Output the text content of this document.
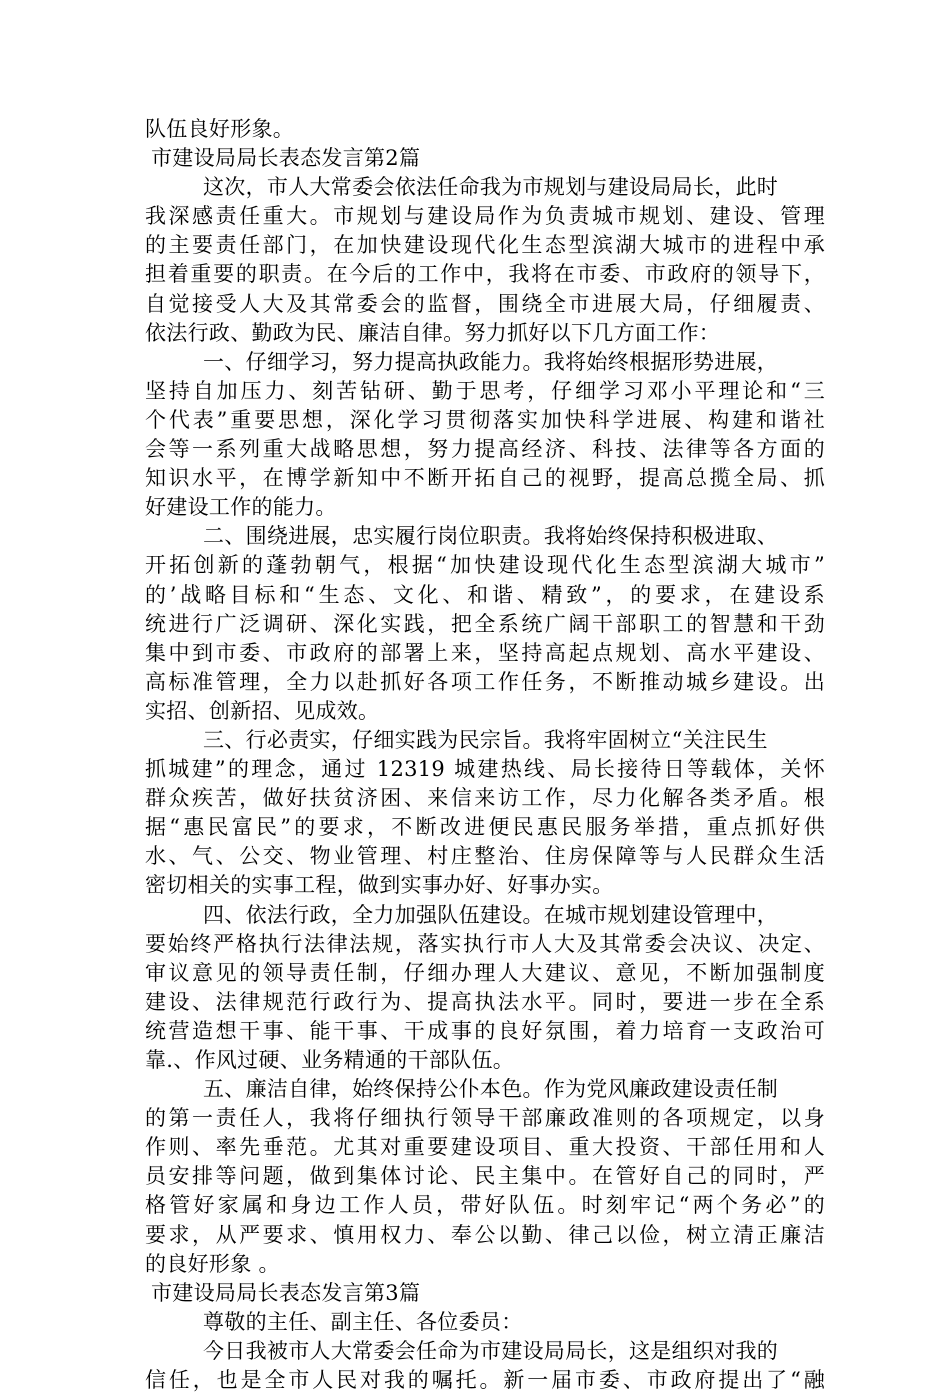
队伍良好形象。

市建设局局长表态发言第2篇

这次，市人大常委会依法任命我为市规划与建设局局长，此时

我深感责任重大。市规划与建设局作为负责城市规划、建设、管理

的主要责任部门，在加快建设现代化生态型滨湖大城市的进程中承

担着重要的职责。在今后的工作中，我将在市委、市政府的领导下，

自觉接受人大及其常委会的监督，围绕全市进展大局，仔细履责、

依法行政、勤政为民、廉洁自律。努力抓好以下几方面工作：

一、仔细学习，努力提高执政能力。我将始终根据形势进展，

坚持自加压力、刻苦钻研、勤于思考，仔细学习邓小平理论和“三

个代表”重要思想，深化学习贯彻落实加快科学进展、构建和谐社

会等一系列重大战略思想，努力提高经济、科技、法律等各方面的

知识水平，在博学新知中不断开拓自己的视野，提高总揽全局、抓

好建设工作的能力。

二、围绕进展，忠实履行岗位职责。我将始终保持积极进取、

开拓创新的蓬勃朝气，根据“加快建设现代化生态型滨湖大城市”

的’战略目标和“生态、文化、和谐、精致”，的要求，在建设系

统进行广泛调研、深化实践，把全系统广阔干部职工的智慧和干劲

集中到市委、市政府的部署上来，坚持高起点规划、高水平建设、

高标准管理，全力以赴抓好各项工作任务，不断推动城乡建设。出

实招、创新招、见成效。

三、行必责实，仔细实践为民宗旨。我将牢固树立“关注民生

抓城建”的理念，通过 12319 城建热线、局长接待日等载体，关怀

群众疾苦，做好扶贫济困、来信来访工作，尽力化解各类矛盾。根

据“惠民富民”的要求，不断改进便民惠民服务举措，重点抓好供

水、气、公交、物业管理、村庄整治、住房保障等与人民群众生活

密切相关的实事工程，做到实事办好、好事办实。

四、依法行政，全力加强队伍建设。在城市规划建设管理中，

要始终严格执行法律法规，落实执行市人大及其常委会决议、决定、

审议意见的领导责任制，仔细办理人大建议、意见，不断加强制度

建设、法律规范行政行为、提高执法水平。同时，要进一步在全系

统营造想干事、能干事、干成事的良好氛围，着力培育一支政治可

靠.、作风过硬、业务精通的干部队伍。

五、廉洁自律，始终保持公仆本色。作为党风廉政建设责任制

的第一责任人，我将仔细执行领导干部廉政准则的各项规定，以身

作则、率先垂范。尤其对重要建设项目、重大投资、干部任用和人

员安排等问题，做到集体讨论、民主集中。在管好自己的同时，严

格管好家属和身边工作人员，带好队伍。时刻牢记“两个务必”的

要求，从严要求、慎用权力、奉公以勤、律己以俭，树立清正廉洁

的良好形象 。

市建设局局长表态发言第3篇

尊敬的主任、副主任、各位委员：

今日我被市人大常委会任命为市建设局局长，这是组织对我的

信任，也是全市人民对我的嘱托。新一届市委、市政府提出了“融
